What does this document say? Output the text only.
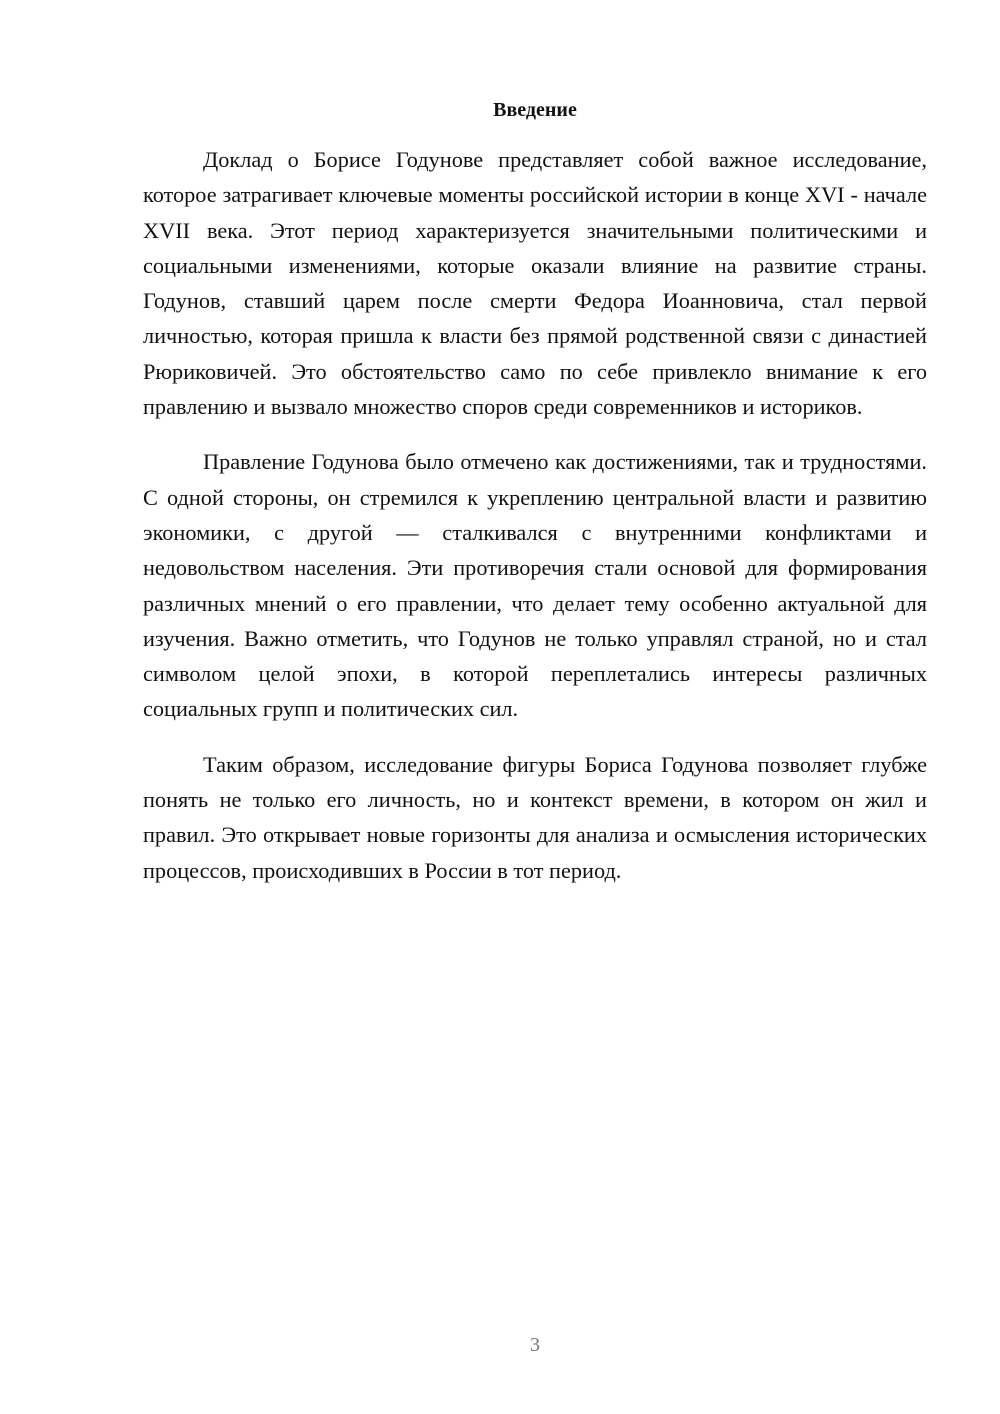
Введение

Доклад о Борисе Годунове представляет собой важное исследование, которое затрагивает ключевые моменты российской истории в конце XVI - начале XVII века. Этот период характеризуется значительными политическими и социальными изменениями, которые оказали влияние на развитие страны. Годунов, ставший царем после смерти Федора Иоанновича, стал первой личностью, которая пришла к власти без прямой родственной связи с династией Рюриковичей. Это обстоятельство само по себе привлекло внимание к его правлению и вызвало множество споров среди современников и историков.

Правление Годунова было отмечено как достижениями, так и трудностями. С одной стороны, он стремился к укреплению центральной власти и развитию экономики, с другой — сталкивался с внутренними конфликтами и недовольством населения. Эти противоречия стали основой для формирования различных мнений о его правлении, что делает тему особенно актуальной для изучения. Важно отметить, что Годунов не только управлял страной, но и стал символом целой эпохи, в которой переплетались интересы различных социальных групп и политических сил.

Таким образом, исследование фигуры Бориса Годунова позволяет глубже понять не только его личность, но и контекст времени, в котором он жил и правил. Это открывает новые горизонты для анализа и осмысления исторических процессов, происходивших в России в тот период.

3
